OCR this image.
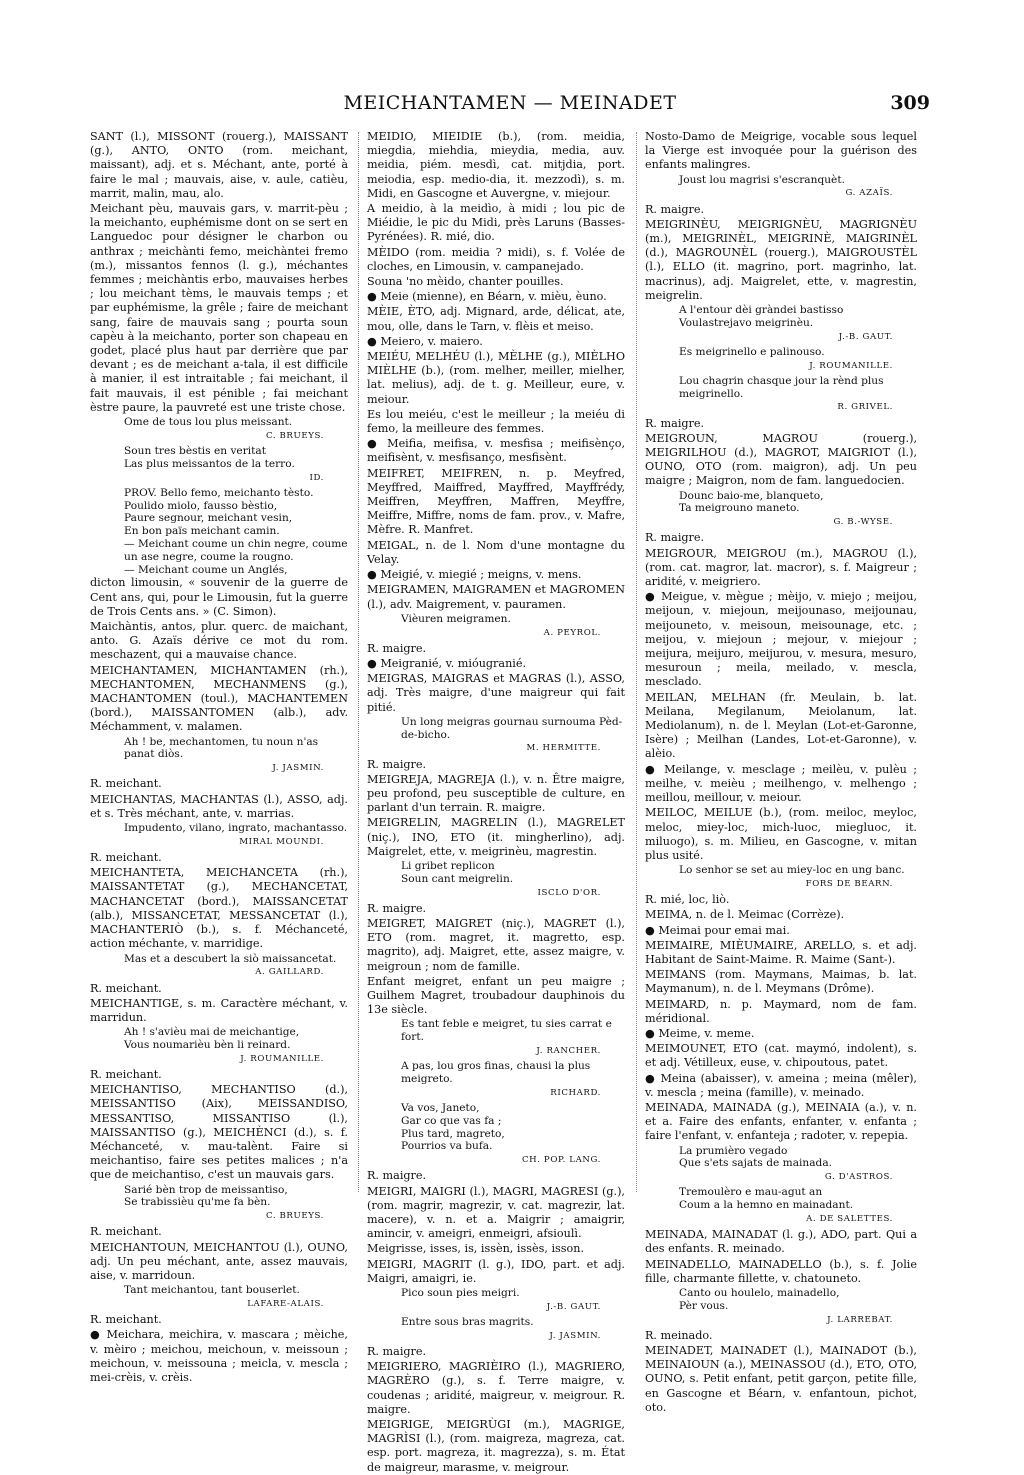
MEICHANTAMEN — MEINADET	309
SANT (l.), MISSONT (rouerg.), MAISSANT (g.), ANTO, ONTO (rom. meichant, maissant), adj. et s. Méchant, ante, porté à faire le mal ; mauvais, aise, v. aule, catièu, marrit, malin, mau, alo.
Meichant pèu, mauvais gars, v. marrit-pèu ; la meichanto, euphémisme dont on se sert en Languedoc pour désigner le charbon ou anthrax ; meichànti femo, meichàntei fremo (m.), missantos fennos (l. g.), méchantes femmes ; meichàntis erbo, mauvaises herbes ; lou meichant tèms, le mauvais temps ; et par euphémisme, la grêle ; faire de meichant sang, faire de mauvais sang ; pourta soun capèu à la meichanto, porter son chapeau en godet, placé plus haut par derrière que par devant ; es de meichant a-tala, il est difficile à manier, il est intraitable ; fai meichant, il fait mauvais, il est pénible ; fai meichant èstre paure, la pauvreté est une triste chose.
Ome de tous lou plus meissant.
C. BRUEYS.
Soun tres bèstis en veritat
Las plus meissantos de la terro.
ID.
PROV. Bello femo, meichanto tèsto.
Poulido miolo, fausso bèstio,
Paure segnour, meichant vesin,
En bon païs meichant camin.
— Meichant coume un chin negre, coume un ase negre, coume la rougno.
— Meichant coume un Anglés,
dicton limousin, « souvenir de la guerre de Cent ans, qui, pour le Limousin, fut la guerre de Trois Cents ans. » (C. Simon).
Maichàntis, antos, plur. querc. de maichant, anto. G. Azaïs dérive ce mot du rom. meschazent, qui a mauvaise chance.
MEICHANTAMEN, MICHANTAMEN (rh.), MECHANTOMEN, MECHANMENS (g.), MACHANTOMEN (toul.), MACHANTEMEN (bord.), MAISSANTOMEN (alb.), adv. Méchamment, v. malamen.
Ah ! be, mechantomen, tu noun n'as panat diòs.
J. JASMIN.
R. meichant.
MEICHANTAS, MACHANTAS (l.), ASSO, adj. et s. Très méchant, ante, v. marrias.
Impudento, vilano, ingrato, machantasso.
MIRAL MOUNDI.
R. meichant.
MEICHANTETA, MEICHANCETA (rh.), MAISSANTETAT (g.), MECHANCETAT, MACHANCETAT (bord.), MAISSANCETAT (alb.), MISSANCETAT, MESSANCETAT (l.), MACHANTERIÒ (b.), s. f. Méchanceté, action méchante, v. marridige.
Mas et a descubert la siò maissancetat.
A. GAILLARD.
R. meichant.
MEICHANTIGE, s. m. Caractère méchant, v. marridun.
Ah ! s'avièu mai de meichantige,
Vous noumarièu bèn li reinard.
J. ROUMANILLE.
R. meichant.
MEICHANTISO, MECHANTISO (d.), MEISSANTISO (Aix), MEISSANDISO, MESSANTISO, MISSANTISO (l.), MAISSANTISO (g.), MEICHÈNCI (d.), s. f. Méchanceté, v. mau-talènt. Faire si meichantiso, faire ses petites malices ; n'a que de meichantiso, c'est un mauvais gars.
Sarié bèn trop de meissantiso,
Se trabissièu qu'me fa bèn.
C. BRUEYS.
R. meichant.
MEICHANTOUN, MEICHANTOU (l.), OUNO, adj. Un peu méchant, ante, assez mauvais, aise, v. marridoun.
Tant meichantou, tant bouserlet.
LAFARE-ALAIS.
R. meichant.
● Meichara, meichira, v. mascara ; mèiche, v. mèiro ; meichou, meichoun, v. meissoun ; meichoun, v. meissouna ; meicla, v. mescla ; mei-crèis, v. crèis.
MEIDIO, MIEIDIE (b.), (rom. meidia, miegdia, miehdia, mieydia, media, auv. meidia, piém. mesdì, cat. mitjdia, port. meiodia, esp. medio-dia, it. mezzodì), s. m. Midi, en Gascogne et Auvergne, v. miejour.
A meidio, à la meidìo, à midi ; lou pic de Miéidie, le pic du Midi, près Laruns (Basses-Pyrénées). R. mié, dio.
MÈIDO (rom. meidia ? midi), s. f. Volée de cloches, en Limousin, v. campanejado.
Souna 'no mèido, chanter pouilles.
● Meie (mienne), en Béarn, v. mièu, èuno.
MÈIE, ÈTO, adj. Mignard, arde, délicat, ate, mou, olle, dans le Tarn, v. flèis et meiso.
● Meiero, v. maiero.
MEIÉU, MELHÉU (l.), MÈLHE (g.), MIÈLHO MIÈLHE (b.), (rom. melher, meiller, mielher, lat. melius), adj. de t. g. Meilleur, eure, v. meiour.
Es lou meiéu, c'est le meilleur ; la meiéu di femo, la meilleure des femmes.
● Meifia, meifisa, v. mesfisa ; meifisènço, meifisènt, v. mesfisanço, mesfisènt.
MEIFRET, MEIFREN, n. p. Meyfred, Meyffred, Maiffred, Mayffred, Mayffrédy, Meiffren, Meyffren, Maffren, Meyffre, Meiffre, Miffre, noms de fam. prov., v. Mafre, Mèfre. R. Manfret.
MEIGAL, n. de l. Nom d'une montagne du Velay.
● Meigié, v. miegié ; meigns, v. mens.
MEIGRAMEN, MAIGRAMEN et MAGROMEN (l.), adv. Maigrement, v. pauramen.
Vièuren meigramen.
A. PEYROL.
R. maigre.
● Meigranié, v. mióugranié.
MEIGRAS, MAIGRAS et MAGRAS (l.), ASSO, adj. Très maigre, d'une maigreur qui fait pitié.
Un long meigras gournau surnouma Pèd-de-bicho.
M. HERMITTE.
R. maigre.
MEIGREJA, MAGREJA (l.), v. n. Être maigre, peu profond, peu susceptible de culture, en parlant d'un terrain. R. maigre.
MEIGRELIN, MAGRELIN (l.), MAGRELET (niç.), INO, ETO (it. mingherlino), adj. Maigrelet, ette, v. meigrinèu, magrestin.
Li gribet replicon
Soun cant meigrelin.
ISCLO D'OR.
R. maigre.
MEIGRET, MAIGRET (niç.), MAGRET (l.), ETO (rom. magret, it. magretto, esp. magrito), adj. Maigret, ette, assez maigre, v. meigroun ; nom de famille.
Enfant meigret, enfant un peu maigre ; Guilhem Magret, troubadour dauphinois du 13e siècle.
Es tant feble e meigret, tu sies carrat e fort.
J. RANCHER.
A pas, lou gros finas, chausi la plus meigreto.
RICHARD.
Va vos, Janeto,
Gar co que vas fa ;
Plus tard, magreto,
Pourrios va bufa.
CH. POP. LANG.
R. maigre.
MEIGRI, MAIGRI (l.), MAGRI, MAGRESI (g.), (rom. magrir, magrezir, v. cat. magrezir, lat. macere), v. n. et a. Maigrir ; amaigrir, amincir, v. ameigri, enmeigri, afsioulì.
Meigrisse, isses, is, issèn, issès, isson.
MEIGRI, MAGRIT (l. g.), IDO, part. et adj. Maigri, amaigri, ie.
Pico soun pies meigri.
J.-B. GAUT.
Entre sous bras magrits.
J. JASMIN.
R. maigre.
MEIGRIERO, MAGRIÈIRO (l.), MAGRIERO, MAGRÈRO (g.), s. f. Terre maigre, v. coudenas ; aridité, maigreur, v. meigrour. R. maigre.
MEIGRIGE, MEIGRÙGI (m.), MAGRIGE, MAGRÌSI (l.), (rom. maigreza, magreza, cat. esp. port. magreza, it. magrezza), s. m. État de maigreur, marasme, v. meigrour.
Nosto-Damo de Meigrige, vocable sous lequel la Vierge est invoquée pour la guérison des enfants malingres.
Joust lou magrisi s'escranquèt.
G. AZAÏS.
R. maigre.
MEIGRINÈU, MEIGRIGNÈU, MAGRIGNÈU (m.), MEIGRINÈL, MEIGRINÈ, MAIGRINÈL (d.), MAGROUNÈL (rouerg.), MAIGROUSTÈL (l.), ELLO (it. magrino, port. magrinho, lat. macrinus), adj. Maigrelet, ette, v. magrestin, meigrelin.
A l'entour dèi gràndei bastisso
Voulastrejavo meigrinèu.
J.-B. GAUT.
Es meigrinello e palinouso.
J. ROUMANILLE.
Lou chagrin chasque jour la rènd plus meigrinello.
R. GRIVEL.
R. maigre.
MEIGROUN, MAGROU (rouerg.), MEIGRILHOU (d.), MAGROT, MAIGRIOT (l.), OUNO, OTO (rom. maigron), adj. Un peu maigre ; Maigron, nom de fam. languedocien.
Dounc baio-me, blanqueto,
Ta meigrouno maneto.
G. B.-WYSE.
R. maigre.
MEIGROUR, MEIGROU (m.), MAGROU (l.), (rom. cat. magror, lat. macror), s. f. Maigreur ; aridité, v. meigriero.
● Meigue, v. mègue ; mèijo, v. miejo ; meijou, meijoun, v. miejoun, meijounaso, meijounau, meijouneto, v. meisoun, meisounage, etc. ; meijou, v. miejoun ; mejour, v. miejour ; meijura, meijuro, meijurou, v. mesura, mesuro, mesuroun ; meila, meilado, v. mescla, mesclado.
MEILAN, MELHAN (fr. Meulain, b. lat. Meilana, Megilanum, Meiolanum, lat. Mediolanum), n. de l. Meylan (Lot-et-Garonne, Isère) ; Meilhan (Landes, Lot-et-Garonne), v. alèio.
● Meilange, v. mesclage ; meilèu, v. pulèu ; meilhe, v. meièu ; meilhengo, v. melhengo ; meillou, meillour, v. meiour.
MEILOC, MEILUE (b.), (rom. meiloc, meyloc, meloc, miey-loc, mich-luoc, miegluoc, it. miluogo), s. m. Milieu, en Gascogne, v. mitan plus usité.
Lo senhor se set au miey-loc en ung banc.
FORS DE BEARN.
R. mié, loc, liò.
MEIMA, n. de l. Meimac (Corrèze).
● Meimai pour emai mai.
MEIMAIRE, MIÈUMAIRE, ARELLO, s. et adj. Habitant de Saint-Maime. R. Maime (Sant-).
MEIMANS (rom. Maymans, Maimas, b. lat. Maymanum), n. de l. Meymans (Drôme).
MEIMARD, n. p. Maymard, nom de fam. méridional.
● Meime, v. meme.
MEIMOUNET, ETO (cat. maymó, indolent), s. et adj. Vétilleux, euse, v. chipoutous, patet.
● Meina (abaisser), v. ameina ; meina (mêler), v. mescla ; meina (famille), v. meinado.
MEINADA, MAINADA (g.), MEINAIA (a.), v. n. et a. Faire des enfants, enfanter, v. enfanta ; faire l'enfant, v. enfanteja ; radoter, v. repepia.
La prumièro vegado
Que s'ets sajats de mainada.
G. D'ASTROS.
Tremoulèro e mau-agut an
Coum a la hemno en mainadant.
A. DE SALETTES.
MEINADA, MAINADAT (l. g.), ADO, part. Qui a des enfants. R. meinado.
MEINADELLO, MAINADELLO (b.), s. f. Jolie fille, charmante fillette, v. chatouneto.
Canto ou houlelo, mainadello,
Pèr vous.
J. LARREBAT.
R. meinado.
MEINADET, MAINADET (l.), MAINADOT (b.), MEINAIOUN (a.), MEINASSOU (d.), ETO, OTO, OUNO, s. Petit enfant, petit garçon, petite fille, en Gascogne et Béarn, v. enfantoun, pichot, oto.
